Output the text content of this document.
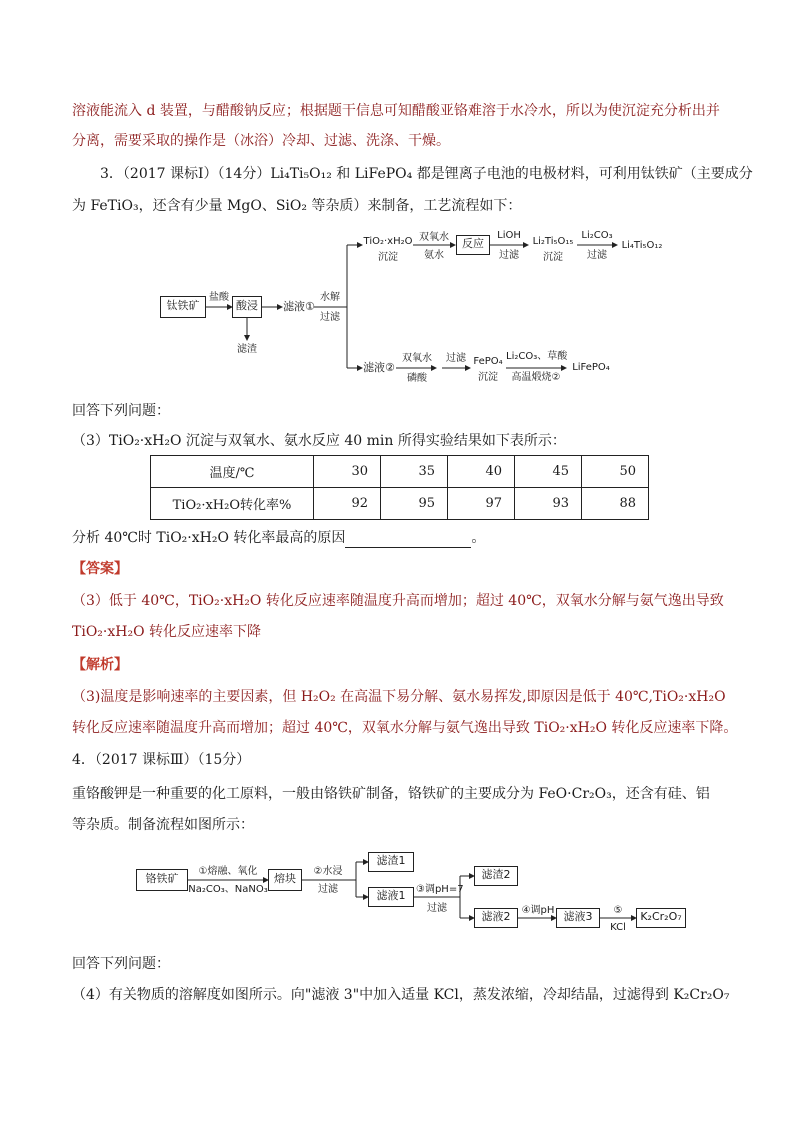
溶液能流入 d 装置，与醋酸钠反应；根据题干信息可知醋酸亚铬难溶于水冷水，所以为使沉淀充分析出并
分离，需要采取的操作是（冰浴）冷却、过滤、洗涤、干燥。
3．（2017 课标Ⅰ）（14分）Li₄Ti₅O₁₂ 和 LiFePO₄ 都是锂离子电池的电极材料，可利用钛铁矿（主要成分
为 FeTiO₃，还含有少量 MgO、SiO₂ 等杂质）来制备，工艺流程如下：
钛铁矿
盐酸
酸浸
滤渣
滤液①
水解
过滤
TiO₂·xH₂O
沉淀
双氧水
氨水
反应
LiOH
过滤
Li₂Ti₅O₁₅
沉淀
Li₂CO₃
过滤
Li₄Ti₅O₁₂
滤液②
双氧水
磷酸
过滤 FePO₄
沉淀
Li₂CO₃、草酸
高温煅烧②
LiFePO₄
回答下列问题：
（3）TiO₂·xH₂O 沉淀与双氧水、氨水反应 40 min 所得实验结果如下表所示：
温度/℃	30	35	40	45	50
TiO₂·xH₂O转化率%	92	95	97	93	88
分析 40℃时 TiO₂·xH₂O 转化率最高的原因	。
【答案】
（3）低于 40℃，TiO₂·xH₂O 转化反应速率随温度升高而增加；超过 40℃，双氧水分解与氨气逸出导致
TiO₂·xH₂O 转化反应速率下降
【解析】
（3)温度是影响速率的主要因素，但 H₂O₂ 在高温下易分解、氨水易挥发,即原因是低于 40℃,TiO₂·xH₂O
转化反应速率随温度升高而增加；超过 40℃，双氧水分解与氨气逸出导致 TiO₂·xH₂O 转化反应速率下降。
4．（2017 课标Ⅲ）（15分）
重铬酸钾是一种重要的化工原料，一般由铬铁矿制备，铬铁矿的主要成分为 FeO·Cr₂O₃，还含有硅、铝
等杂质。制备流程如图所示：
铬铁矿
①熔融、氧化
Na₂CO₃、NaNO₃
熔块
②水浸
过滤
滤渣1
滤液1	③调pH=7
过滤
滤渣2
滤液2	④调pH 滤液3	⑤
KCl
K₂Cr₂O₇
回答下列问题：
（4）有关物质的溶解度如图所示。向"滤液 3"中加入适量 KCl，蒸发浓缩，冷却结晶，过滤得到 K₂Cr₂O₇
